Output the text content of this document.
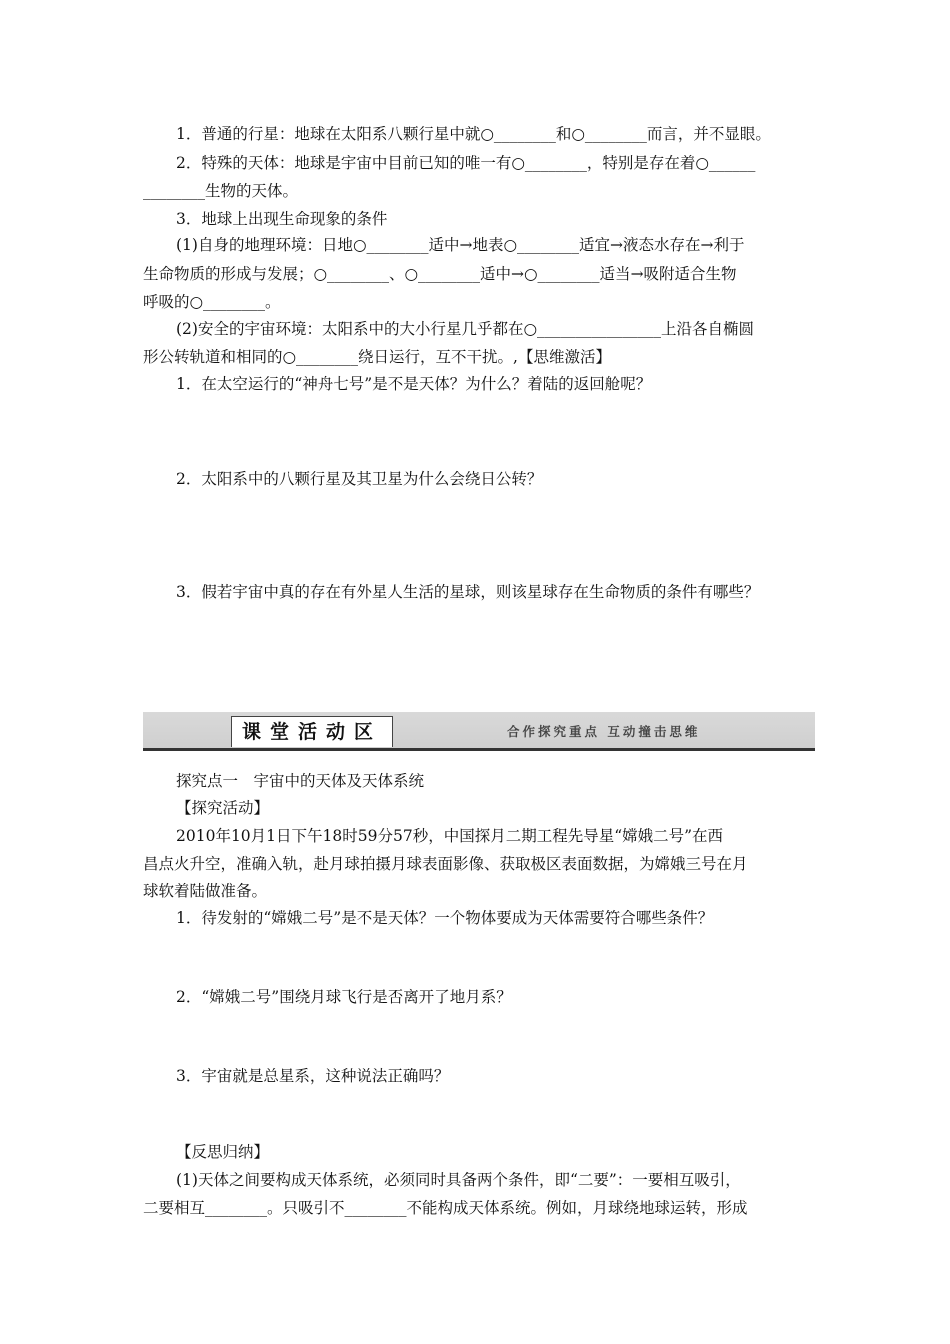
1．普通的行星：地球在太阳系八颗行星中就○________和○________而言，并不显眼。
2．特殊的天体：地球是宇宙中目前已知的唯一有○________，特别是存在着○______
________生物的天体。
3．地球上出现生命现象的条件
(1)自身的地理环境：日地○________适中→地表○________适宜→液态水存在→利于
生命物质的形成与发展；○________、○________适中→○________适当→吸附适合生物
呼吸的○________。
(2)安全的宇宙环境：太阳系中的大小行星几乎都在○________________上沿各自椭圆
形公转轨道和相同的○________绕日运行，互不干扰。,【思维激活】
1．在太空运行的“神舟七号”是不是天体？为什么？着陆的返回舱呢？
2．太阳系中的八颗行星及其卫星为什么会绕日公转？
3．假若宇宙中真的存在有外星人生活的星球，则该星球存在生命物质的条件有哪些？
课堂活动区	合作探究重点 互动撞击思维
探究点一　宇宙中的天体及天体系统
【探究活动】
2010年10月1日下午18时59分57秒，中国探月二期工程先导星“嫦娥二号”在西
昌点火升空，准确入轨，赴月球拍摄月球表面影像、获取极区表面数据，为嫦娥三号在月
球软着陆做准备。
1．待发射的“嫦娥二号”是不是天体？一个物体要成为天体需要符合哪些条件？
2．“嫦娥二号”围绕月球飞行是否离开了地月系？
3．宇宙就是总星系，这种说法正确吗？
【反思归纳】
(1)天体之间要构成天体系统，必须同时具备两个条件，即“二要”：一要相互吸引，
二要相互________。只吸引不________不能构成天体系统。例如，月球绕地球运转，形成
